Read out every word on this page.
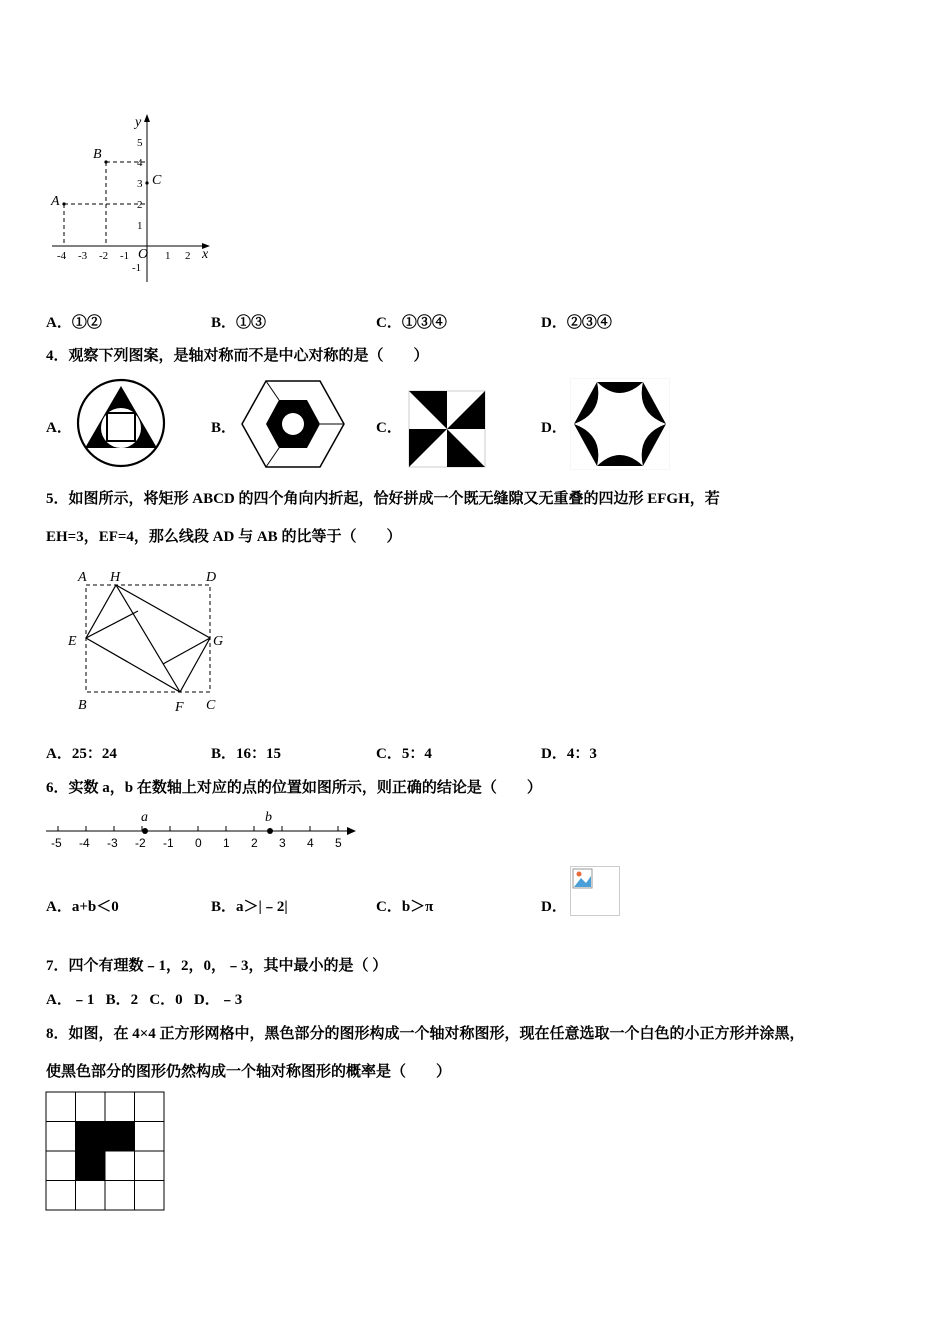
y
x
O
A
B
C
-4 -3 -2 -1	1 2
5
4
3
2
1
-1
A．①②	B．①③	C．①③④	D．②③④
4．观察下列图案，是轴对称而不是中心对称的是（　　）
A．	B．	C．	D．
5．如图所示，将矩形 ABCD 的四个角向内折起，恰好拼成一个既无缝隙又无重叠的四边形 EFGH，若
EH=3，EF=4，那么线段 AD 与 AB 的比等于（　　）
A H	D
E	G
B	F C
A．25：24	B．16：15	C．5：4	D．4：3
6．实数 a，b 在数轴上对应的点的位置如图所示，则正确的结论是（　　）
-5 -4 -3 -2 -1 0 1 2 3 4 5
a	b
A．a+b＜0	B．a＞|﹣2|	C．b＞π	D．
7．四个有理数﹣1，2，0，﹣3，其中最小的是（ ）
A．﹣1   B．2   C．0   D．﹣3
8．如图，在 4×4 正方形网格中，黑色部分的图形构成一个轴对称图形，现在任意选取一个白色的小正方形并涂黑，
使黑色部分的图形仍然构成一个轴对称图形的概率是（　　）
